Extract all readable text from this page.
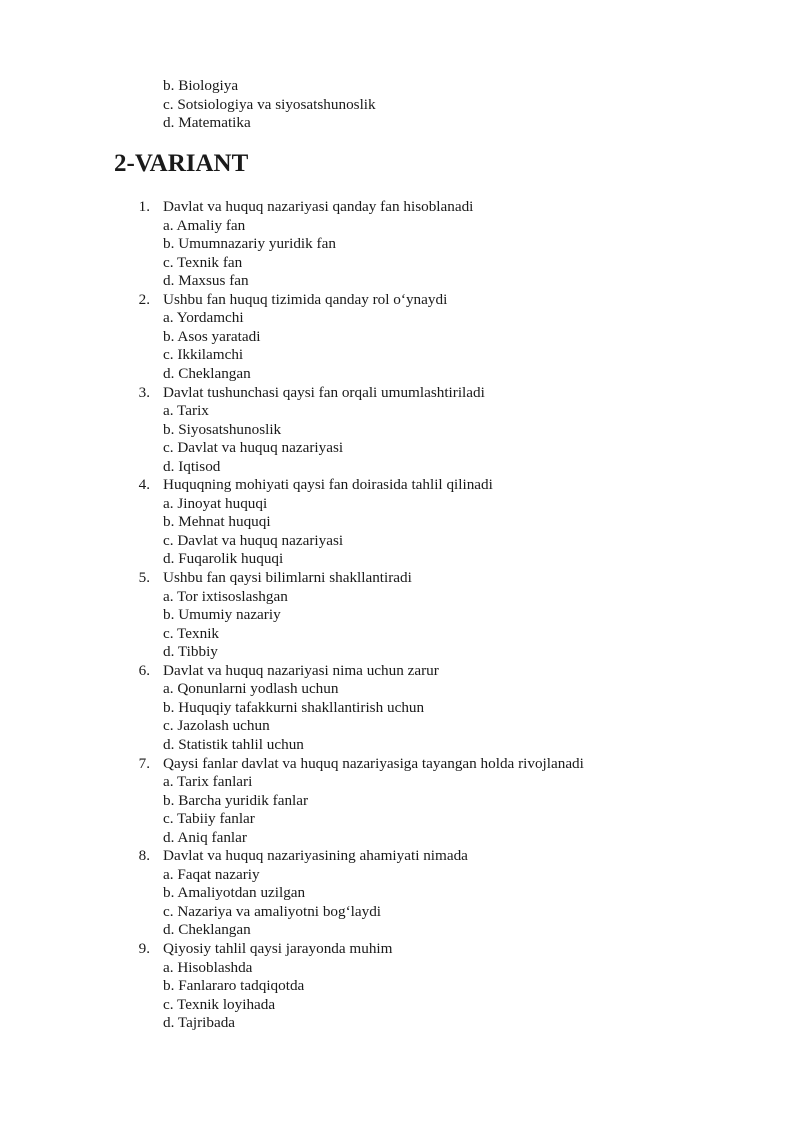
b. Biologiya
c. Sotsiologiya va siyosatshunoslik
d. Matematika
2-VARIANT
1. Davlat va huquq nazariyasi qanday fan hisoblanadi
a. Amaliy fan
b. Umumnazariy yuridik fan
c. Texnik fan
d. Maxsus fan
2. Ushbu fan huquq tizimida qanday rol o‘ynaydi
a. Yordamchi
b. Asos yaratadi
c. Ikkilamchi
d. Cheklangan
3. Davlat tushunchasi qaysi fan orqali umumlashtiriladi
a. Tarix
b. Siyosatshunoslik
c. Davlat va huquq nazariyasi
d. Iqtisod
4. Huquqning mohiyati qaysi fan doirasida tahlil qilinadi
a. Jinoyat huquqi
b. Mehnat huquqi
c. Davlat va huquq nazariyasi
d. Fuqarolik huquqi
5. Ushbu fan qaysi bilimlarni shakllantiradi
a. Tor ixtisoslashgan
b. Umumiy nazariy
c. Texnik
d. Tibbiy
6. Davlat va huquq nazariyasi nima uchun zarur
a. Qonunlarni yodlash uchun
b. Huquqiy tafakkurni shakllantirish uchun
c. Jazolash uchun
d. Statistik tahlil uchun
7. Qaysi fanlar davlat va huquq nazariyasiga tayangan holda rivojlanadi
a. Tarix fanlari
b. Barcha yuridik fanlar
c. Tabiiy fanlar
d. Aniq fanlar
8. Davlat va huquq nazariyasining ahamiyati nimada
a. Faqat nazariy
b. Amaliyotdan uzilgan
c. Nazariya va amaliyotni bog‘laydi
d. Cheklangan
9. Qiyosiy tahlil qaysi jarayonda muhim
a. Hisoblashda
b. Fanlararo tadqiqotda
c. Texnik loyihada
d. Tajribada
